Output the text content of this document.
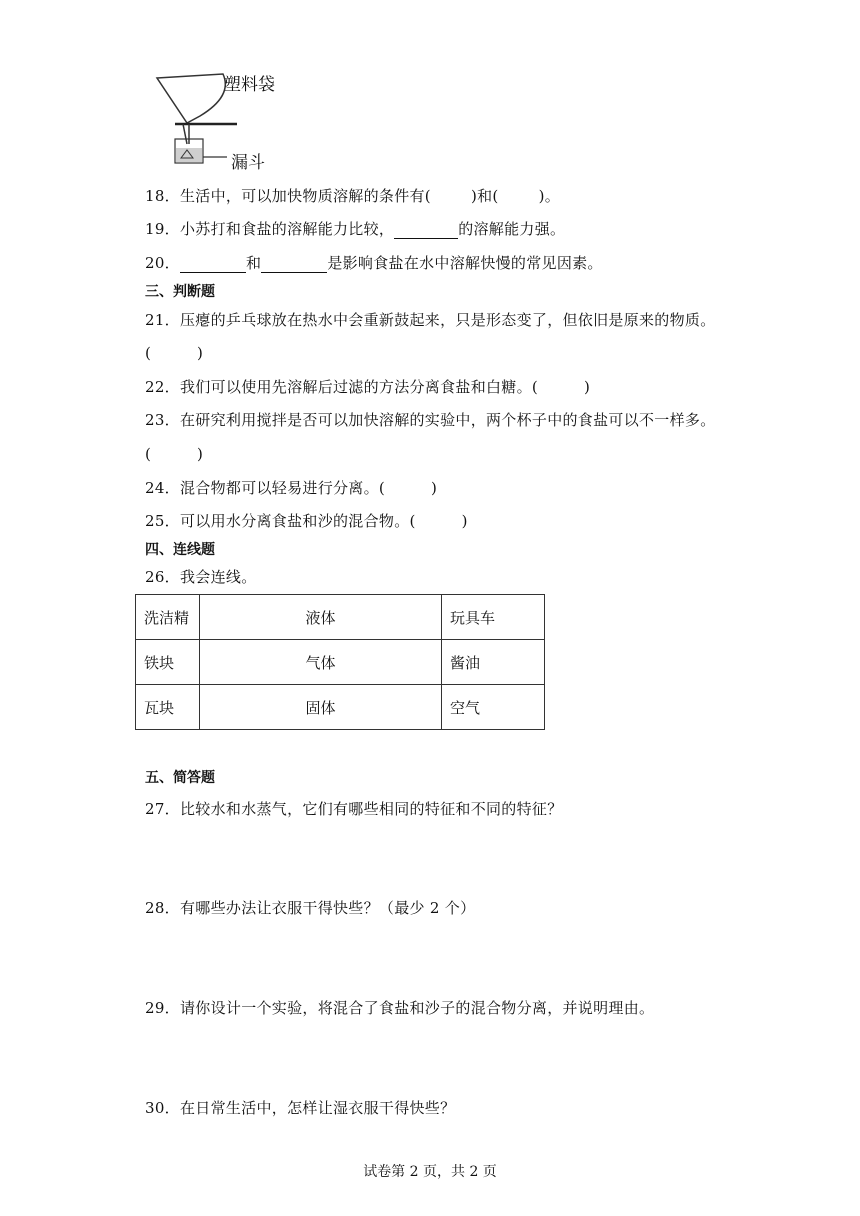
塑料袋
漏斗
18．生活中，可以加快物质溶解的条件有(	)和(	)。
19．小苏打和食盐的溶解能力比较，	的溶解能力强。
20．	和	是影响食盐在水中溶解快慢的常见因素。
三、判断题
21．压瘪的乒乓球放在热水中会重新鼓起来，只是形态变了，但依旧是原来的物质。
(　　　)
22．我们可以使用先溶解后过滤的方法分离食盐和白糖。(　　　)
23．在研究利用搅拌是否可以加快溶解的实验中，两个杯子中的食盐可以不一样多。
(　　　)
24．混合物都可以轻易进行分离。(　　　)
25．可以用水分离食盐和沙的混合物。(　　　)
四、连线题
26．我会连线。
洗洁精	液体	玩具车
铁块	气体	酱油
瓦块	固体	空气
五、简答题
27．比较水和水蒸气，它们有哪些相同的特征和不同的特征？
28．有哪些办法让衣服干得快些？（最少 2 个）
29．请你设计一个实验，将混合了食盐和沙子的混合物分离，并说明理由。
30．在日常生活中，怎样让湿衣服干得快些？
试卷第 2 页，共 2 页
